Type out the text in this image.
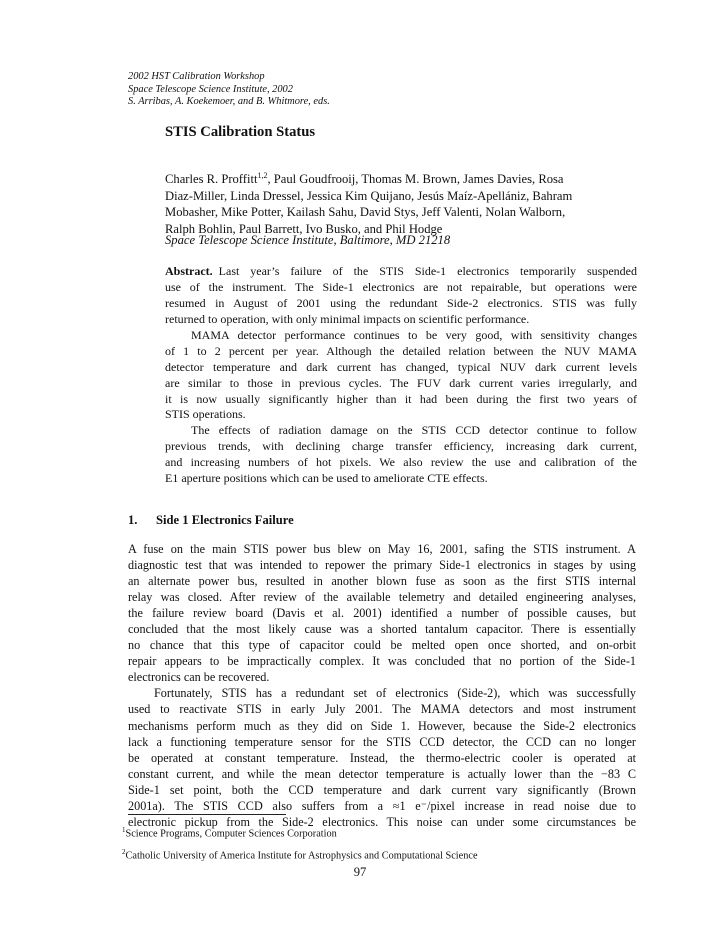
2002 HST Calibration Workshop
Space Telescope Science Institute, 2002
S. Arribas, A. Koekemoer, and B. Whitmore, eds.
STIS Calibration Status
Charles R. Proffitt$^{1,2}$, Paul Goudfrooij, Thomas M. Brown, James Davies, Rosa
Diaz-Miller, Linda Dressel, Jessica Kim Quijano, Jesús Maíz-Apellániz, Bahram
Mobasher, Mike Potter, Kailash Sahu, David Stys, Jeff Valenti, Nolan Walborn,
Ralph Bohlin, Paul Barrett, Ivo Busko, and Phil Hodge
Space Telescope Science Institute, Baltimore, MD 21218
Abstract. Last year’s failure of the STIS Side-1 electronics temporarily suspended
use of the instrument. The Side-1 electronics are not repairable, but operations were
resumed in August of 2001 using the redundant Side-2 electronics. STIS was fully
returned to operation, with only minimal impacts on scientific performance.
MAMA detector performance continues to be very good, with sensitivity changes
of 1 to 2 percent per year. Although the detailed relation between the NUV MAMA
detector temperature and dark current has changed, typical NUV dark current levels
are similar to those in previous cycles. The FUV dark current varies irregularly, and
it is now usually significantly higher than it had been during the first two years of
STIS operations.
The effects of radiation damage on the STIS CCD detector continue to follow
previous trends, with declining charge transfer efficiency, increasing dark current,
and increasing numbers of hot pixels. We also review the use and calibration of the
E1 aperture positions which can be used to ameliorate CTE effects.
1. Side 1 Electronics Failure
A fuse on the main STIS power bus blew on May 16, 2001, safing the STIS instrument. A
diagnostic test that was intended to repower the primary Side-1 electronics in stages by using
an alternate power bus, resulted in another blown fuse as soon as the first STIS internal
relay was closed. After review of the available telemetry and detailed engineering analyses,
the failure review board (Davis et al. 2001) identified a number of possible causes, but
concluded that the most likely cause was a shorted tantalum capacitor. There is essentially
no chance that this type of capacitor could be melted open once shorted, and on-orbit
repair appears to be impractically complex. It was concluded that no portion of the Side-1
electronics can be recovered.
Fortunately, STIS has a redundant set of electronics (Side-2), which was successfully
used to reactivate STIS in early July 2001. The MAMA detectors and most instrument
mechanisms perform much as they did on Side 1. However, because the Side-2 electronics
lack a functioning temperature sensor for the STIS CCD detector, the CCD can no longer
be operated at constant temperature. Instead, the thermo-electric cooler is operated at
constant current, and while the mean detector temperature is actually lower than the −83 C
Side-1 set point, both the CCD temperature and dark current vary significantly (Brown
2001a). The STIS CCD also suffers from a ≈1 e⁻/pixel increase in read noise due to
electronic pickup from the Side-2 electronics. This noise can under some circumstances be
$^1$Science Programs, Computer Sciences Corporation
$^2$Catholic University of America Institute for Astrophysics and Computational Science
97
